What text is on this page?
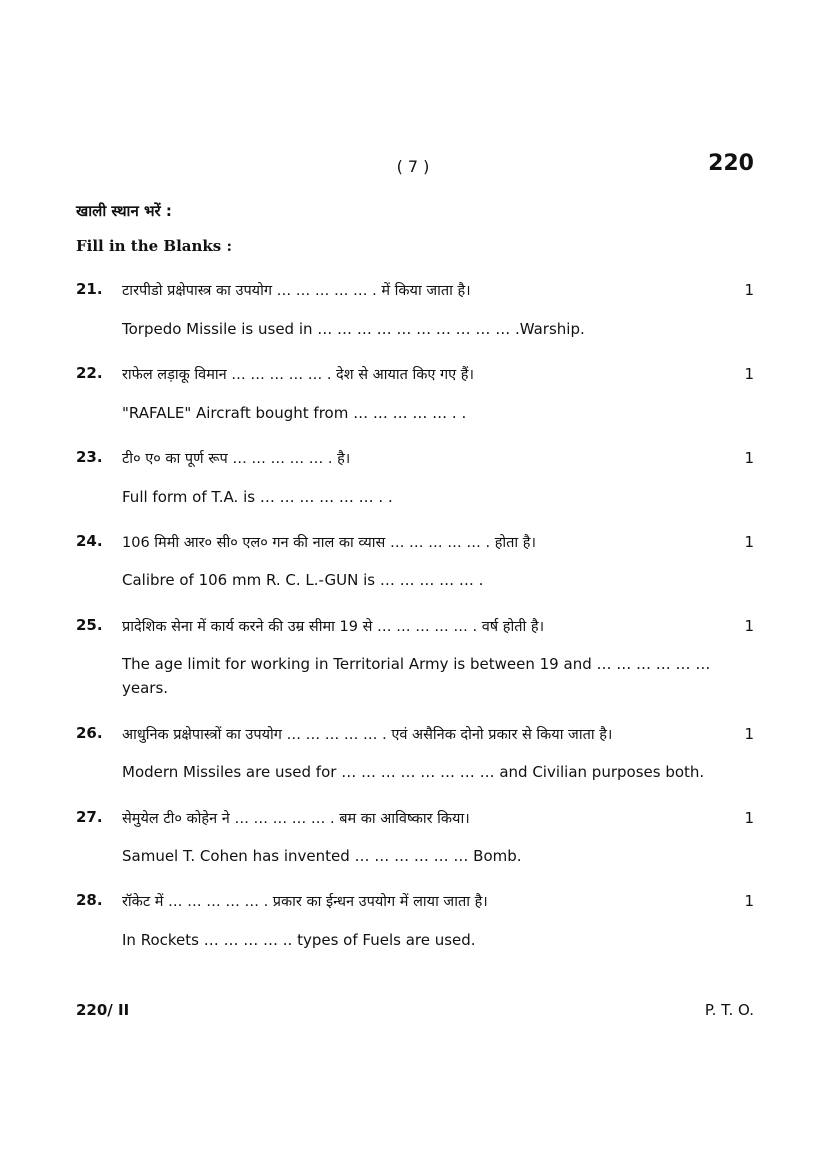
( 7 )	220
खाली स्थान भरें :
Fill in the Blanks :
21. टारपीडो प्रक्षेपास्त्र का उपयोग … … … … … . में किया जाता है।	1
Torpedo Missile is used in … … … … … … … … … … .Warship.
22. राफेल लड़ाकू विमान … … … … … . देश से आयात किए गए हैं।	1
"RAFALE" Aircraft bought from … … … … … . .
23. टी० ए० का पूर्ण रूप … … … … … . है।	1
Full form of T.A. is … … … … … … . .
24. 106 मिमी आर० सी० एल० गन की नाल का व्यास … … … … … . होता है।	1
Calibre of 106 mm R. C. L.-GUN is … … … … … .
25. प्रादेशिक सेना में कार्य करने की उम्र सीमा 19 से … … … … … . वर्ष होती है।	1
The age limit for working in Territorial Army is between 19 and … … … … … … years.
26. आधुनिक प्रक्षेपास्त्रों का उपयोग … … … … … . एवं असैनिक दोनो प्रकार से किया जाता है।	1
Modern Missiles are used for … … … … … … … … and Civilian purposes both.
27. सेमुयेल टी० कोहेन ने … … … … … . बम का आविष्कार किया।	1
Samuel T. Cohen has invented … … … … … … Bomb.
28. रॉकेट में … … … … … . प्रकार का ईन्धन उपयोग में लाया जाता है।	1
In Rockets … … … … .. types of Fuels are used.
220/ II	P. T. O.
